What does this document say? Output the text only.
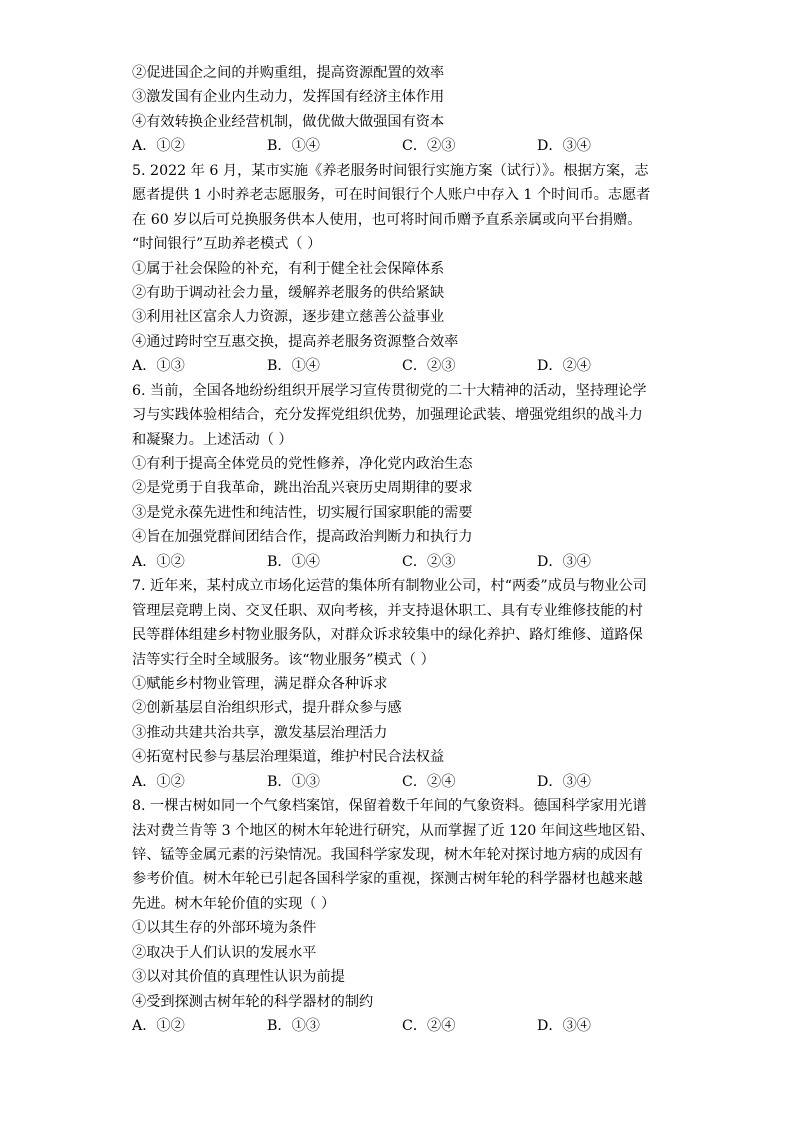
②促进国企之间的并购重组，提高资源配置的效率
③激发国有企业内生动力，发挥国有经济主体作用
④有效转换企业经营机制，做优做大做强国有资本
A．①②	B．①④	C．②③	D．③④
5. 2022 年 6 月，某市实施《养老服务时间银行实施方案（试行）》。根据方案，志
愿者提供 1 小时养老志愿服务，可在时间银行个人账户中存入 1 个时间币。志愿者
在 60 岁以后可兑换服务供本人使用，也可将时间币赠予直系亲属或向平台捐赠。
“时间银行”互助养老模式（ ）
①属于社会保险的补充，有利于健全社会保障体系
②有助于调动社会力量，缓解养老服务的供给紧缺
③利用社区富余人力资源，逐步建立慈善公益事业
④通过跨时空互惠交换，提高养老服务资源整合效率
A．①③	B．①④	C．②③	D．②④
6. 当前，全国各地纷纷组织开展学习宣传贯彻党的二十大精神的活动，坚持理论学
习与实践体验相结合，充分发挥党组织优势，加强理论武装、增强党组织的战斗力
和凝聚力。上述活动（ ）
①有利于提高全体党员的党性修养，净化党内政治生态
②是党勇于自我革命，跳出治乱兴衰历史周期律的要求
③是党永葆先进性和纯洁性，切实履行国家职能的需要
④旨在加强党群间团结合作，提高政治判断力和执行力
A．①②	B．①④	C．②③	D．③④
7. 近年来，某村成立市场化运营的集体所有制物业公司，村“两委”成员与物业公司
管理层竞聘上岗、交叉任职、双向考核，并支持退休职工、具有专业维修技能的村
民等群体组建乡村物业服务队，对群众诉求较集中的绿化养护、路灯维修、道路保
洁等实行全时全域服务。该“物业服务”模式（ ）
①赋能乡村物业管理，满足群众各种诉求
②创新基层自治组织形式，提升群众参与感
③推动共建共治共享，激发基层治理活力
④拓宽村民参与基层治理渠道，维护村民合法权益
A．①②	B．①③	C．②④	D．③④
8. 一棵古树如同一个气象档案馆，保留着数千年间的气象资料。德国科学家用光谱
法对费兰肯等 3 个地区的树木年轮进行研究，从而掌握了近 120 年间这些地区铅、
锌、锰等金属元素的污染情况。我国科学家发现，树木年轮对探讨地方病的成因有
参考价值。树木年轮已引起各国科学家的重视，探测古树年轮的科学器材也越来越
先进。树木年轮价值的实现（ ）
①以其生存的外部环境为条件
②取决于人们认识的发展水平
③以对其价值的真理性认识为前提
④受到探测古树年轮的科学器材的制约
A．①②	B．①③	C．②④	D．③④
